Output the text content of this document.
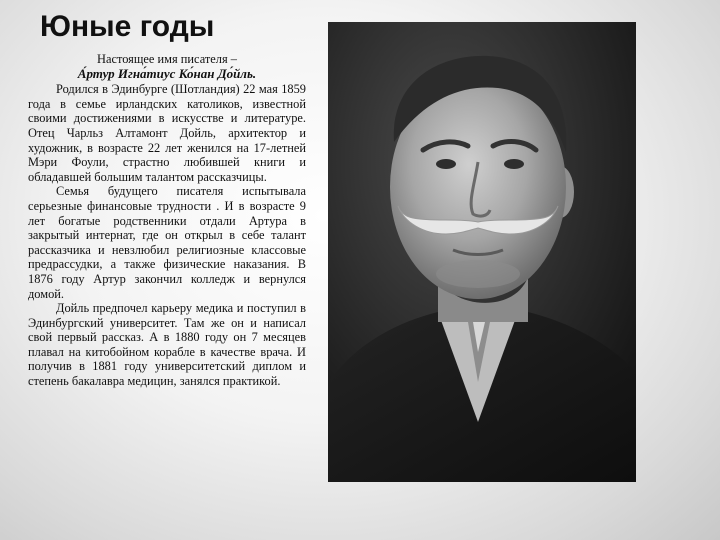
Юные годы

Настоящее имя писателя –

А́ртур Игна́тиус Ко́нан До́йль.

Родился в Эдинбурге (Шотландия) 22 мая 1859 года в семье ирландских католиков, известной своими достижениями в искусстве и литературе. Отец Чарльз Алтамонт Дойль, архитектор и художник, в возрасте 22 лет женился на 17-летней Мэри Фоули, страстно любившей книги и обладавшей большим талантом рассказчицы.

Семья будущего писателя испытывала серьезные финансовые трудности . И в возрасте 9 лет богатые родственники отдали Артура в закрытый интернат, где он открыл в себе талант рассказчика и невзлюбил религиозные классовые предрассудки, а также физические наказания. В 1876 году Артур закончил колледж и вернулся домой.

Дойль предпочел карьеру медика и поступил в Эдинбургский университет. Там же он и написал свой первый рассказ. А в 1880 году он 7 месяцев плавал на китобойном корабле в качестве врача. И получив в 1881 году университетский диплом и степень бакалавра медицин, занялся практикой.
